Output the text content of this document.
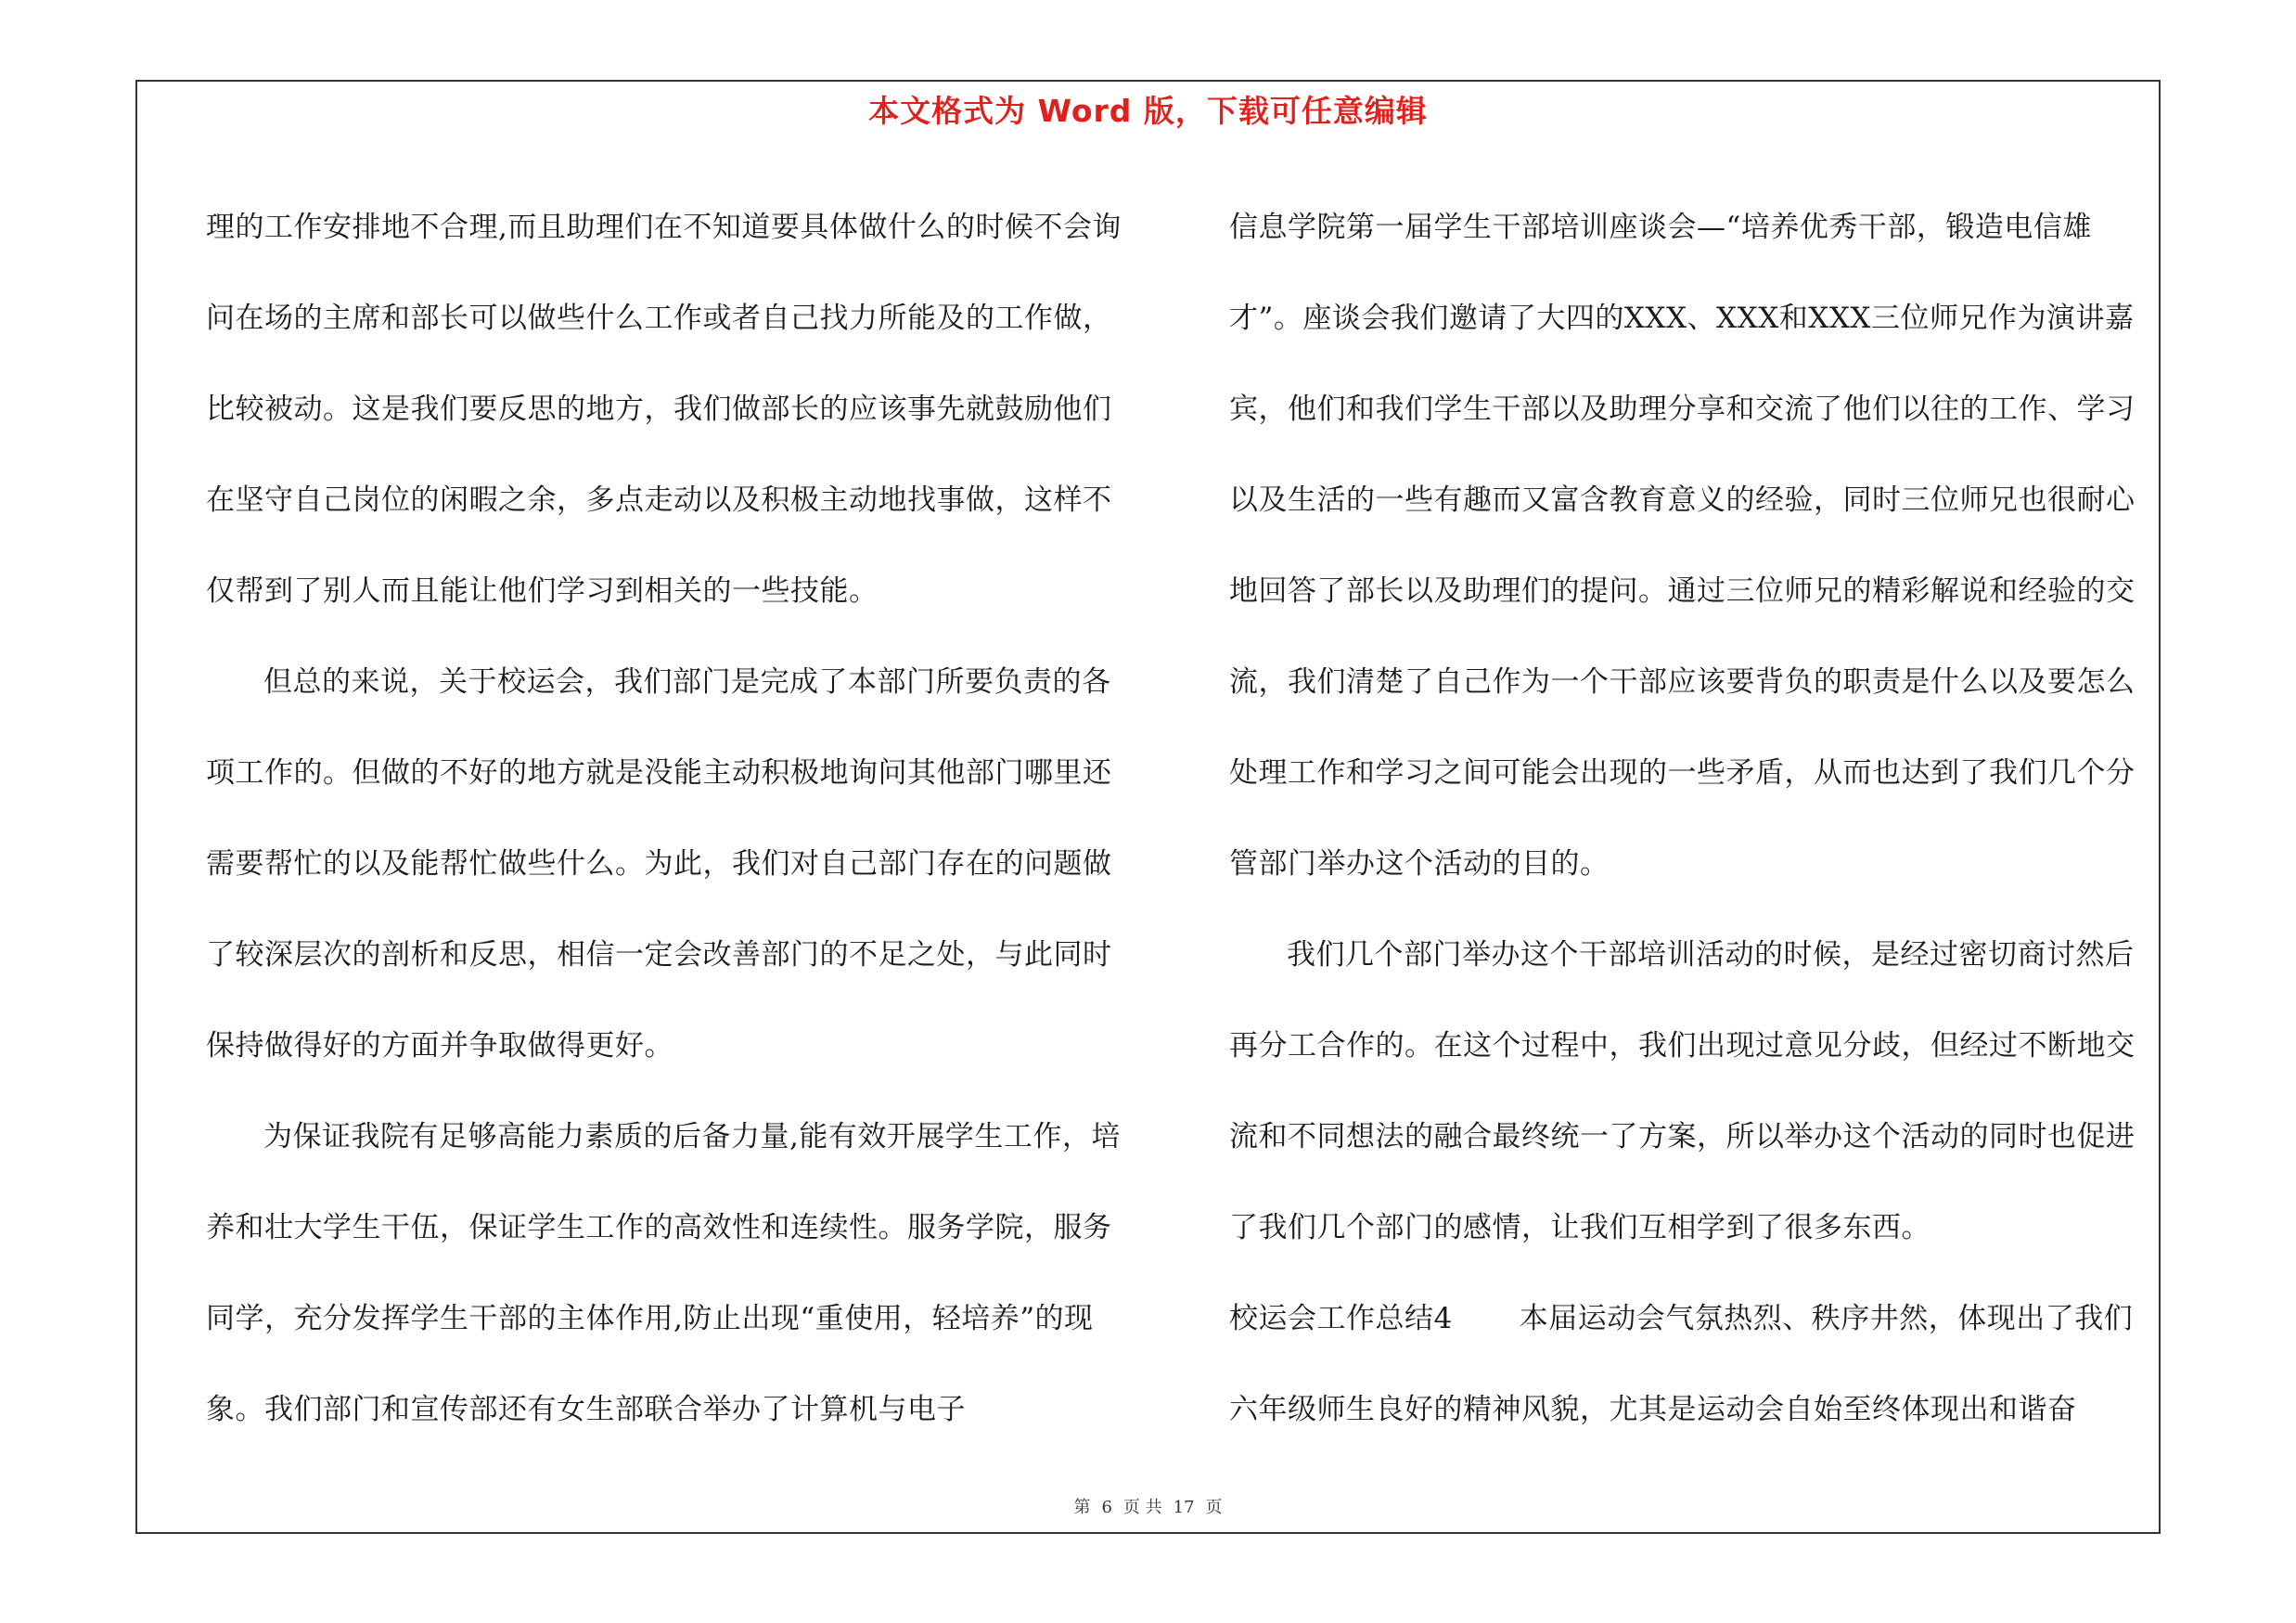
本文格式为 Word 版，下载可任意编辑

理的工作安排地不合理,而且助理们在不知道要具体做什么的时候不会询问在场的主席和部长可以做些什么工作或者自己找力所能及的工作做，比较被动。这是我们要反思的地方，我们做部长的应该事先就鼓励他们在坚守自己岗位的闲暇之余，多点走动以及积极主动地找事做，这样不仅帮到了别人而且能让他们学习到相关的一些技能。

但总的来说，关于校运会，我们部门是完成了本部门所要负责的各项工作的。但做的不好的地方就是没能主动积极地询问其他部门哪里还需要帮忙的以及能帮忙做些什么。为此，我们对自己部门存在的问题做了较深层次的剖析和反思，相信一定会改善部门的不足之处，与此同时保持做得好的方面并争取做得更好。

为保证我院有足够高能力素质的后备力量,能有效开展学生工作，培养和壮大学生干伍，保证学生工作的高效性和连续性。服务学院，服务同学，充分发挥学生干部的主体作用,防止出现“重使用，轻培养”的现象。我们部门和宣传部还有女生部联合举办了计算机与电子

信息学院第一届学生干部培训座谈会—“培养优秀干部，锻造电信雄才”。座谈会我们邀请了大四的XXX、XXX和XXX三位师兄作为演讲嘉宾，他们和我们学生干部以及助理分享和交流了他们以往的工作、学习以及生活的一些有趣而又富含教育意义的经验，同时三位师兄也很耐心地回答了部长以及助理们的提问。通过三位师兄的精彩解说和经验的交流，我们清楚了自己作为一个干部应该要背负的职责是什么以及要怎么处理工作和学习之间可能会出现的一些矛盾，从而也达到了我们几个分管部门举办这个活动的目的。

我们几个部门举办这个干部培训活动的时候，是经过密切商讨然后再分工合作的。在这个过程中，我们出现过意见分歧，但经过不断地交流和不同想法的融合最终统一了方案，所以举办这个活动的同时也促进了我们几个部门的感情，让我们互相学到了很多东西。

校运会工作总结4 本届运动会气氛热烈、秩序井然，体现出了我们六年级师生良好的精神风貌，尤其是运动会自始至终体现出和谐奋

第 6 页 共 17 页
